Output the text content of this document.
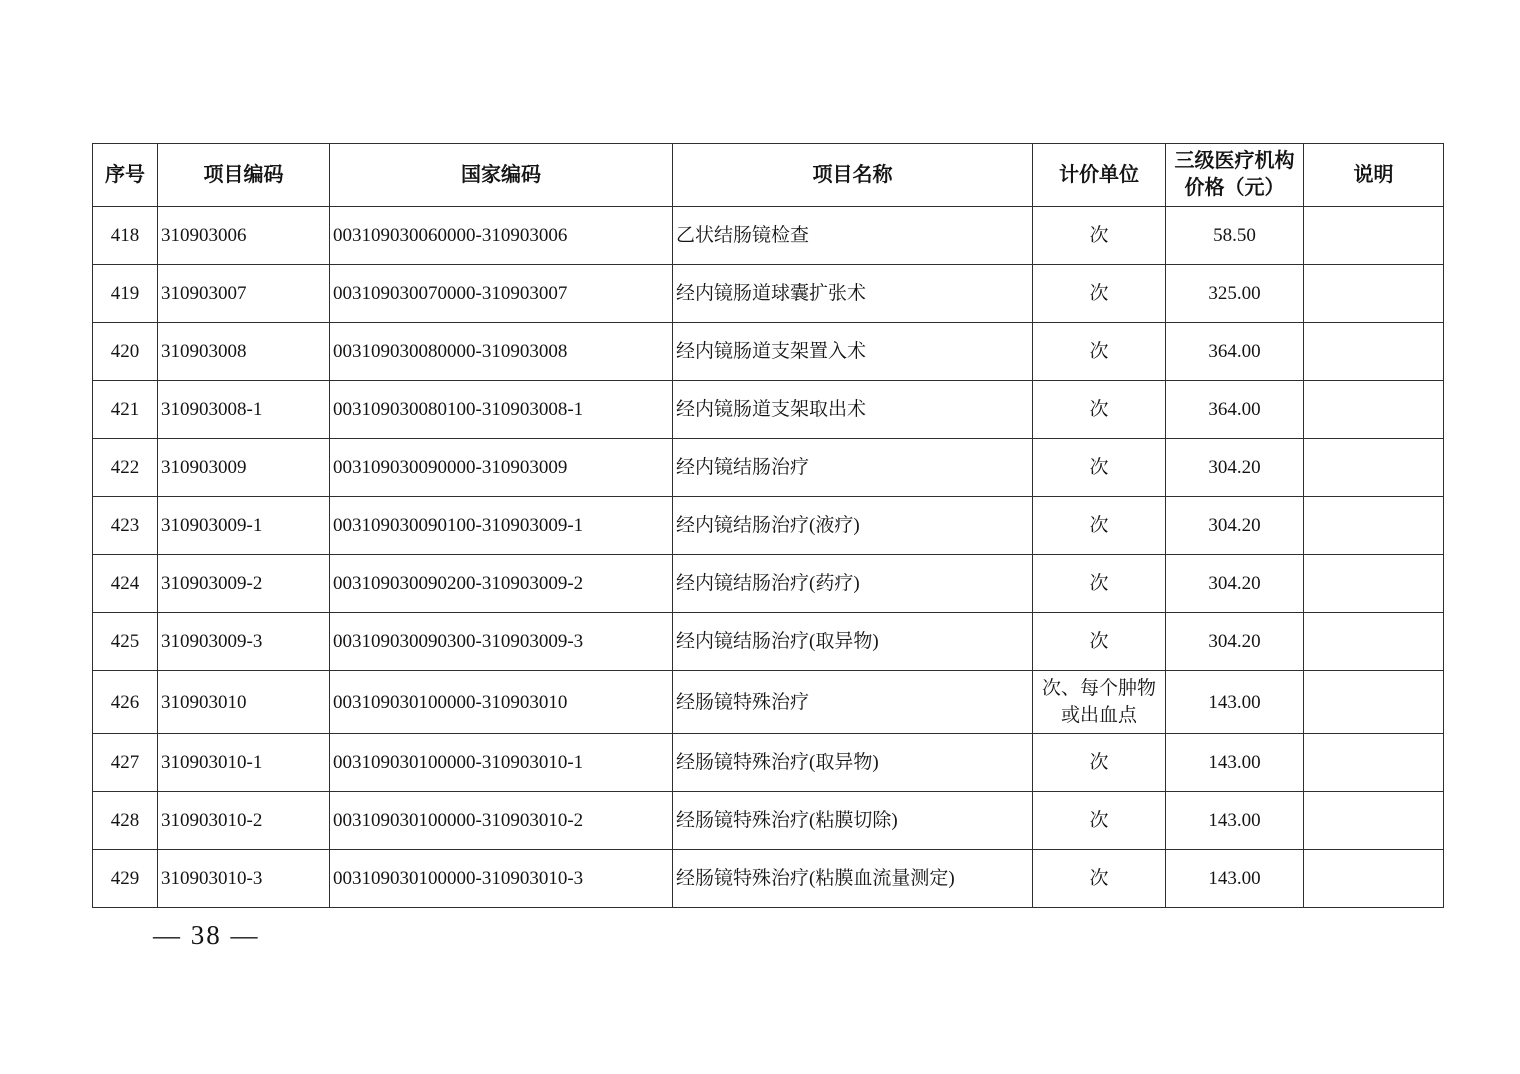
序号	项目编码	国家编码	项目名称	计价单位	三级医疗机构价格（元）	说明
418	310903006	003109030060000-310903006	乙状结肠镜检查	次	58.50	
419	310903007	003109030070000-310903007	经内镜肠道球囊扩张术	次	325.00	
420	310903008	003109030080000-310903008	经内镜肠道支架置入术	次	364.00	
421	310903008-1	003109030080100-310903008-1	经内镜肠道支架取出术	次	364.00	
422	310903009	003109030090000-310903009	经内镜结肠治疗	次	304.20	
423	310903009-1	003109030090100-310903009-1	经内镜结肠治疗(液疗)	次	304.20	
424	310903009-2	003109030090200-310903009-2	经内镜结肠治疗(药疗)	次	304.20	
425	310903009-3	003109030090300-310903009-3	经内镜结肠治疗(取异物)	次	304.20	
426	310903010	003109030100000-310903010	经肠镜特殊治疗	次、每个肿物或出血点	143.00	
427	310903010-1	003109030100000-310903010-1	经肠镜特殊治疗(取异物)	次	143.00	
428	310903010-2	003109030100000-310903010-2	经肠镜特殊治疗(粘膜切除)	次	143.00	
429	310903010-3	003109030100000-310903010-3	经肠镜特殊治疗(粘膜血流量测定)	次	143.00	
— 38 —
